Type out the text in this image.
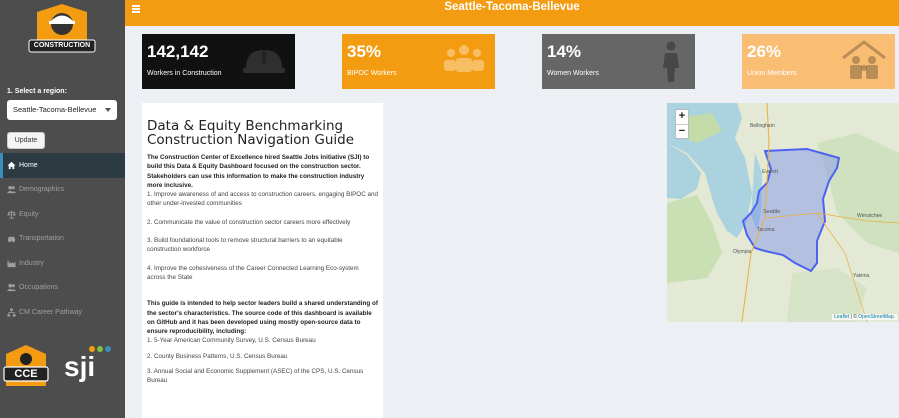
CONSTRUCTION
1. Select a region:
Seattle-Tacoma-Bellevue
Update
Home
Demographics
Equity
Transportation
Industry
Occupations
CM Career Pathway
CCE sji
Seattle-Tacoma-Bellevue
142,142
Workers in Construction
35%
BIPOC Workers
14%
Women Workers
26%
Union Members
Data & Equity Benchmarking Construction Navigation Guide
The Construction Center of Excellence hired Seattle Jobs Initiative (SJI) to build this Data & Equity Dashboard focused on the construction sector. Stakeholders can use this information to make the construction industry more inclusive.
1. Improve awareness of and access to construction careers, engaging BIPOC and other under-invested communities
2. Communicate the value of construction sector careers more effectively
3. Build foundational tools to remove structural barriers to an equitable construction workforce
4. Improve the cohesiveness of the Career Connected Learning Eco-system across the State
This guide is intended to help sector leaders build a shared understanding of the sector's characteristics. The source code of this dashboard is available on GitHub and it has been developed using mostly open-source data to ensure reproducibility, including:
1. 5-Year American Community Survey, U.S. Census Bureau
2. County Business Patterns, U.S. Census Bureau
3. Annual Social and Economic Supplement (ASEC) of the CPS, U.S. Census Bureau
Bellingham
Everett
Seattle
Tacoma
Olympia
Wenatchee
Yakima
+
−
Leaflet | © OpenStreetMap.
